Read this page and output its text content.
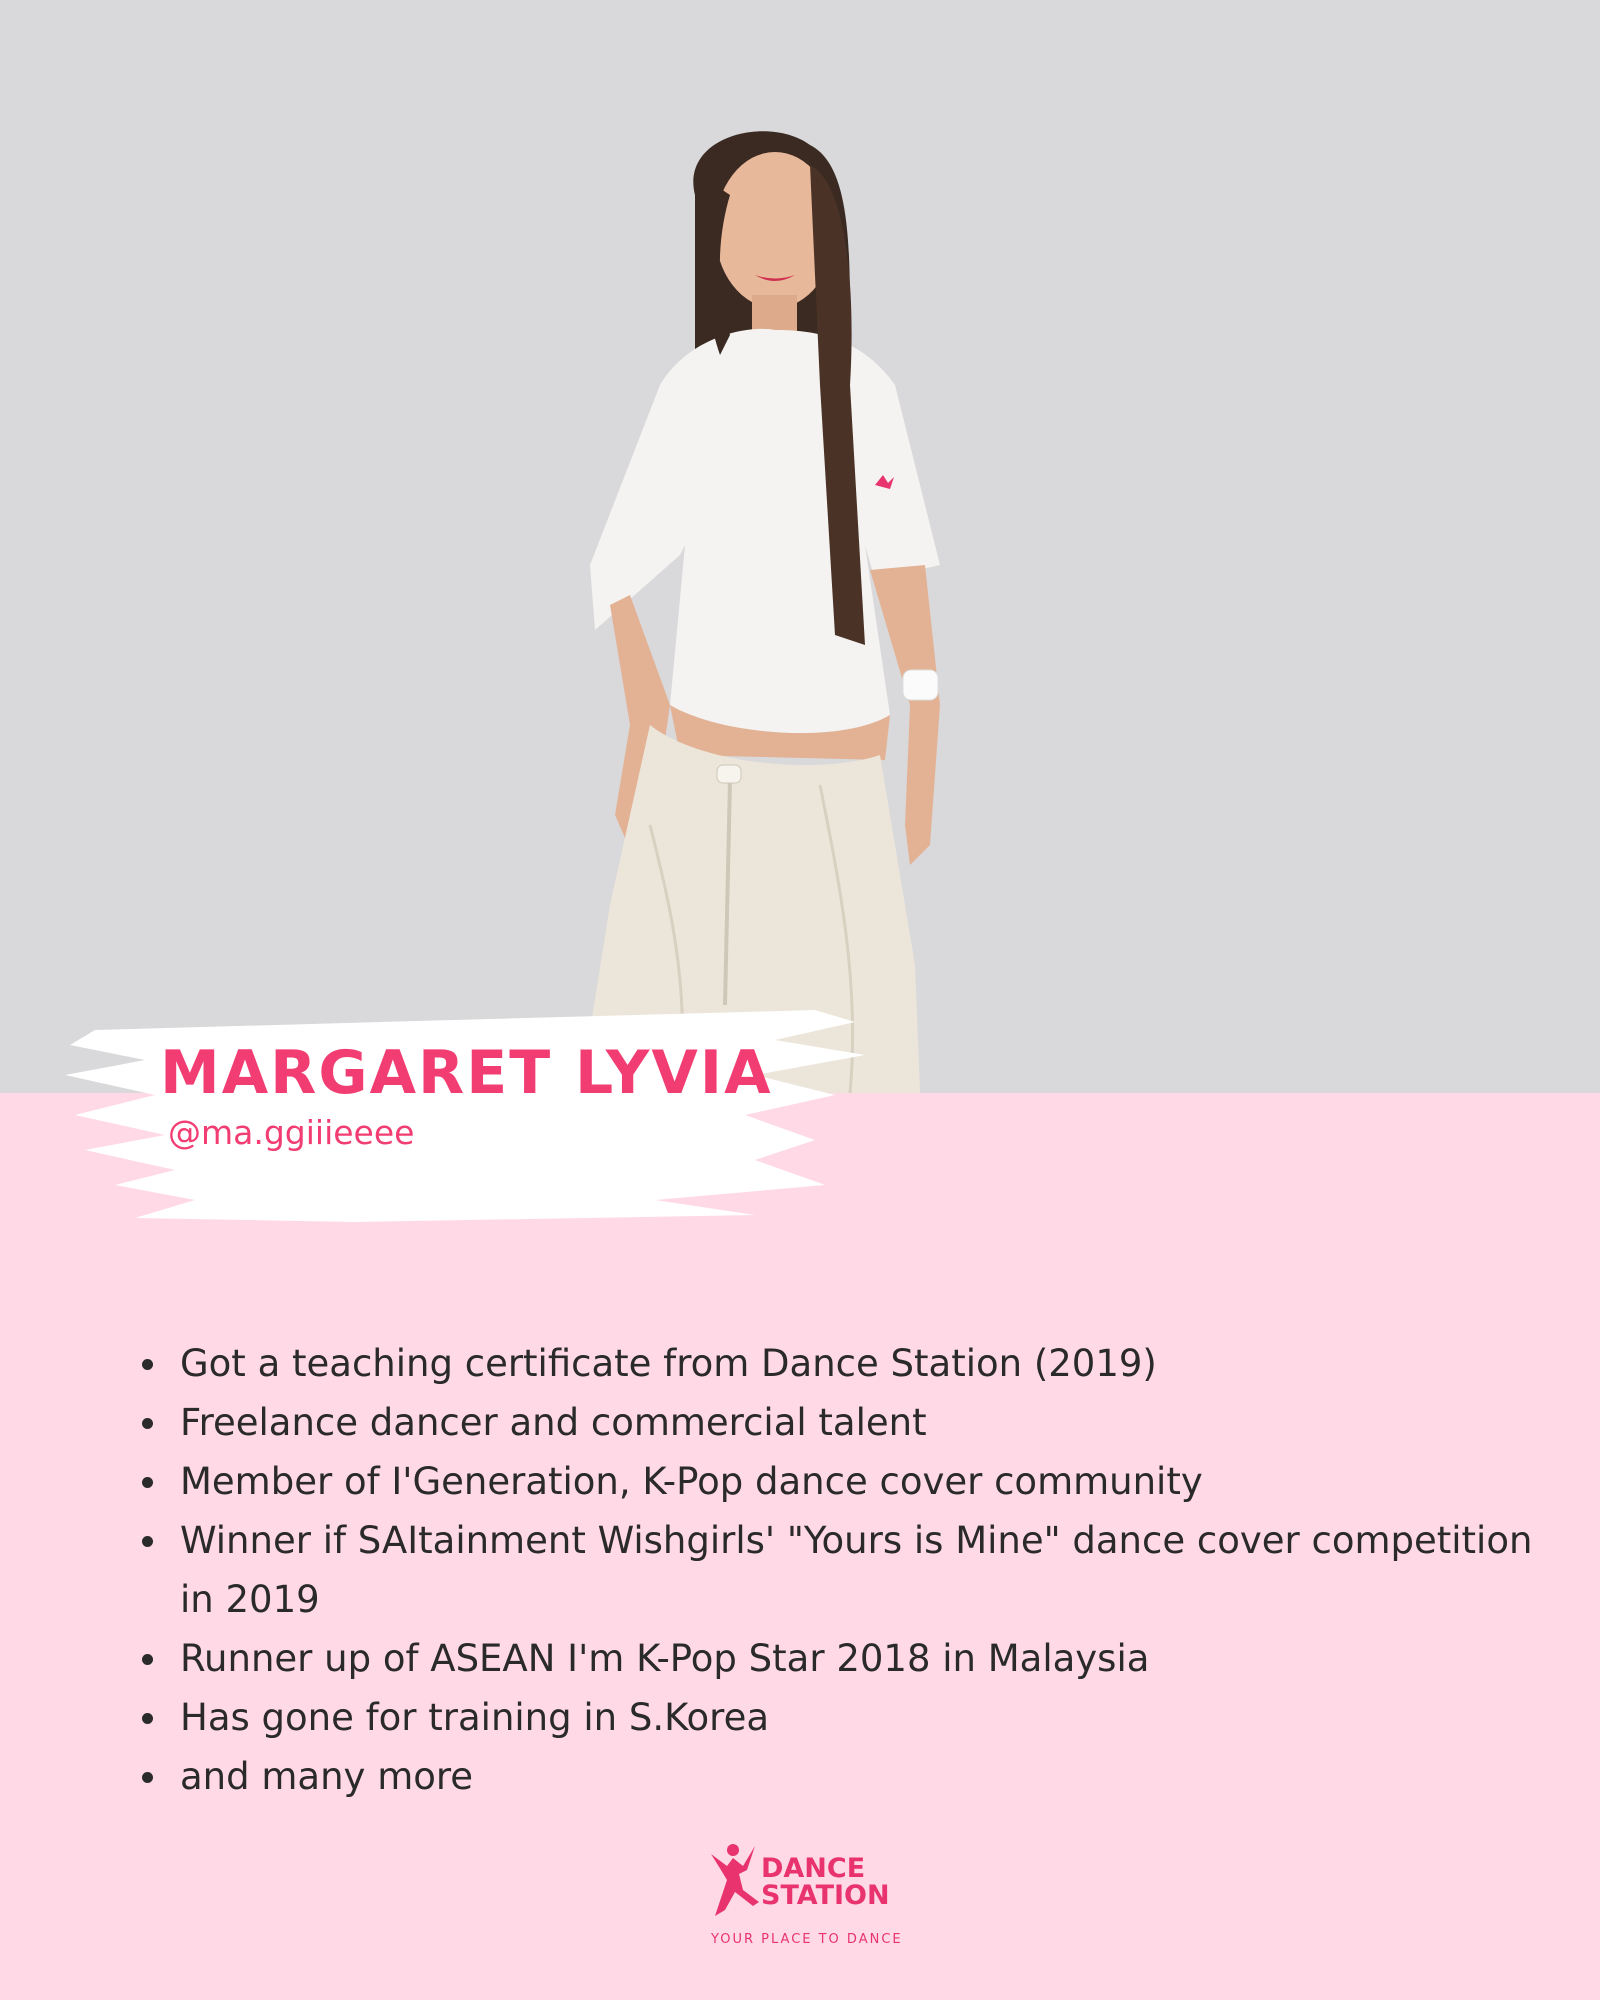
MARGARET LYVIA
@ma.ggiiieeee
Got a teaching certificate from Dance Station (2019)
Freelance dancer and commercial talent
Member of I'Generation, K-Pop dance cover community
Winner if SAItainment Wishgirls' "Yours is Mine" dance cover competition in 2019
Runner up of ASEAN I'm K-Pop Star 2018 in Malaysia
Has gone for training in S.Korea
and many more
DANCE
STATION
YOUR PLACE TO DANCE
